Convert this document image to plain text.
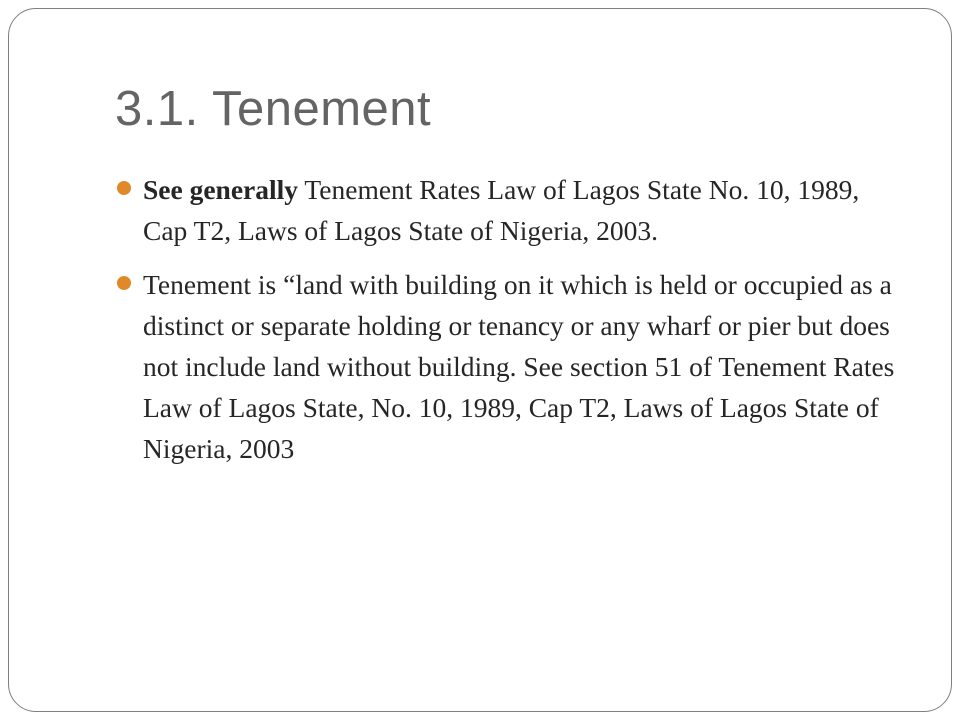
3.1. Tenement
See generally Tenement Rates Law of Lagos State No. 10, 1989, Cap T2, Laws of Lagos State of Nigeria, 2003.
Tenement is “land with building on it which is held or occupied as a distinct or separate holding or tenancy or any wharf or pier but does not include land without building. See section 51 of Tenement Rates Law of Lagos State, No. 10, 1989, Cap T2, Laws of Lagos State of Nigeria, 2003
